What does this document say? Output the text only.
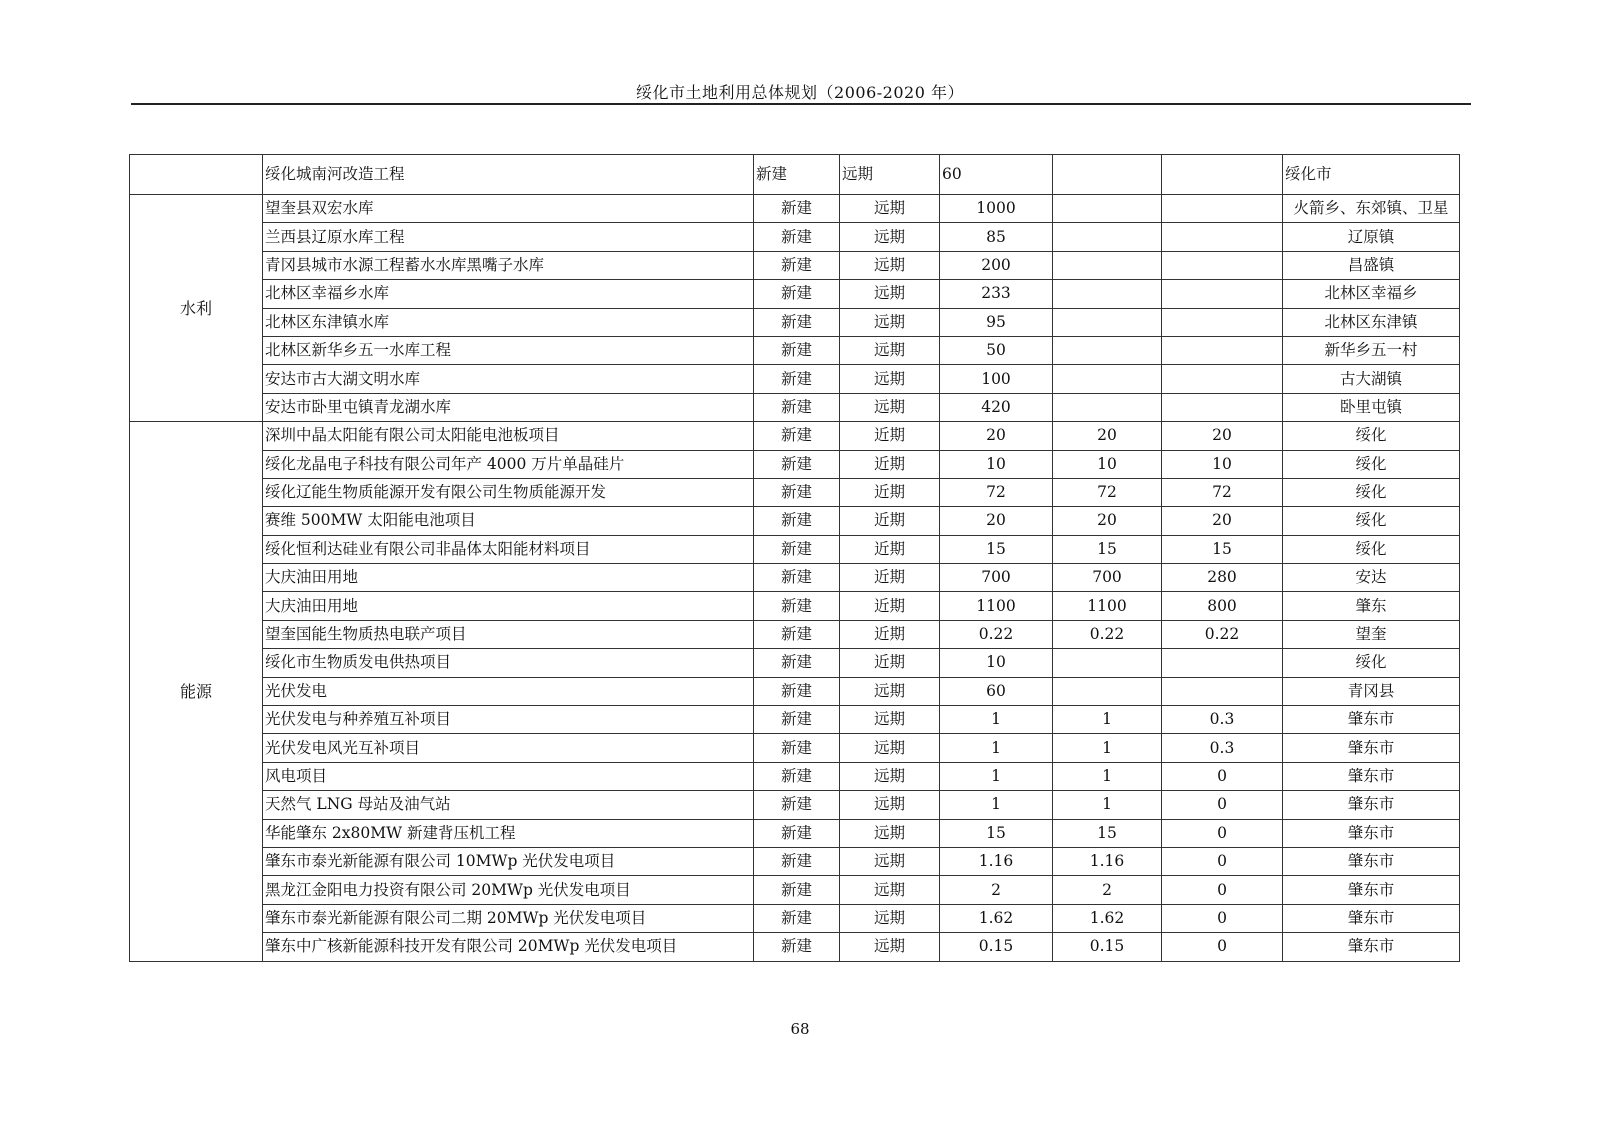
绥化市土地利用总体规划（2006-2020 年）
	绥化城南河改造工程	新建	远期	60			绥化市
水利	望奎县双宏水库	新建	远期	1000			火箭乡、东郊镇、卫星
	兰西县辽原水库工程	新建	远期	85			辽原镇
	青冈县城市水源工程蓄水水库黑嘴子水库	新建	远期	200			昌盛镇
	北林区幸福乡水库	新建	远期	233			北林区幸福乡
	北林区东津镇水库	新建	远期	95			北林区东津镇
	北林区新华乡五一水库工程	新建	远期	50			新华乡五一村
	安达市古大湖文明水库	新建	远期	100			古大湖镇
	安达市卧里屯镇青龙湖水库	新建	远期	420			卧里屯镇
能源	深圳中晶太阳能有限公司太阳能电池板项目	新建	近期	20	20	20	绥化
	绥化龙晶电子科技有限公司年产 4000 万片单晶硅片	新建	近期	10	10	10	绥化
	绥化辽能生物质能源开发有限公司生物质能源开发	新建	近期	72	72	72	绥化
	赛维 500MW 太阳能电池项目	新建	近期	20	20	20	绥化
	绥化恒利达硅业有限公司非晶体太阳能材料项目	新建	近期	15	15	15	绥化
	大庆油田用地	新建	近期	700	700	280	安达
	大庆油田用地	新建	近期	1100	1100	800	肇东
	望奎国能生物质热电联产项目	新建	近期	0.22	0.22	0.22	望奎
	绥化市生物质发电供热项目	新建	近期	10			绥化
	光伏发电	新建	远期	60			青冈县
	光伏发电与种养殖互补项目	新建	远期	1	1	0.3	肇东市
	光伏发电风光互补项目	新建	远期	1	1	0.3	肇东市
	风电项目	新建	远期	1	1	0	肇东市
	天然气 LNG 母站及油气站	新建	远期	1	1	0	肇东市
	华能肇东 2x80MW 新建背压机工程	新建	远期	15	15	0	肇东市
	肇东市泰光新能源有限公司 10MWp 光伏发电项目	新建	远期	1.16	1.16	0	肇东市
	黑龙江金阳电力投资有限公司 20MWp 光伏发电项目	新建	远期	2	2	0	肇东市
	肇东市泰光新能源有限公司二期 20MWp 光伏发电项目	新建	远期	1.62	1.62	0	肇东市
	肇东中广核新能源科技开发有限公司 20MWp 光伏发电项目	新建	远期	0.15	0.15	0	肇东市
68
